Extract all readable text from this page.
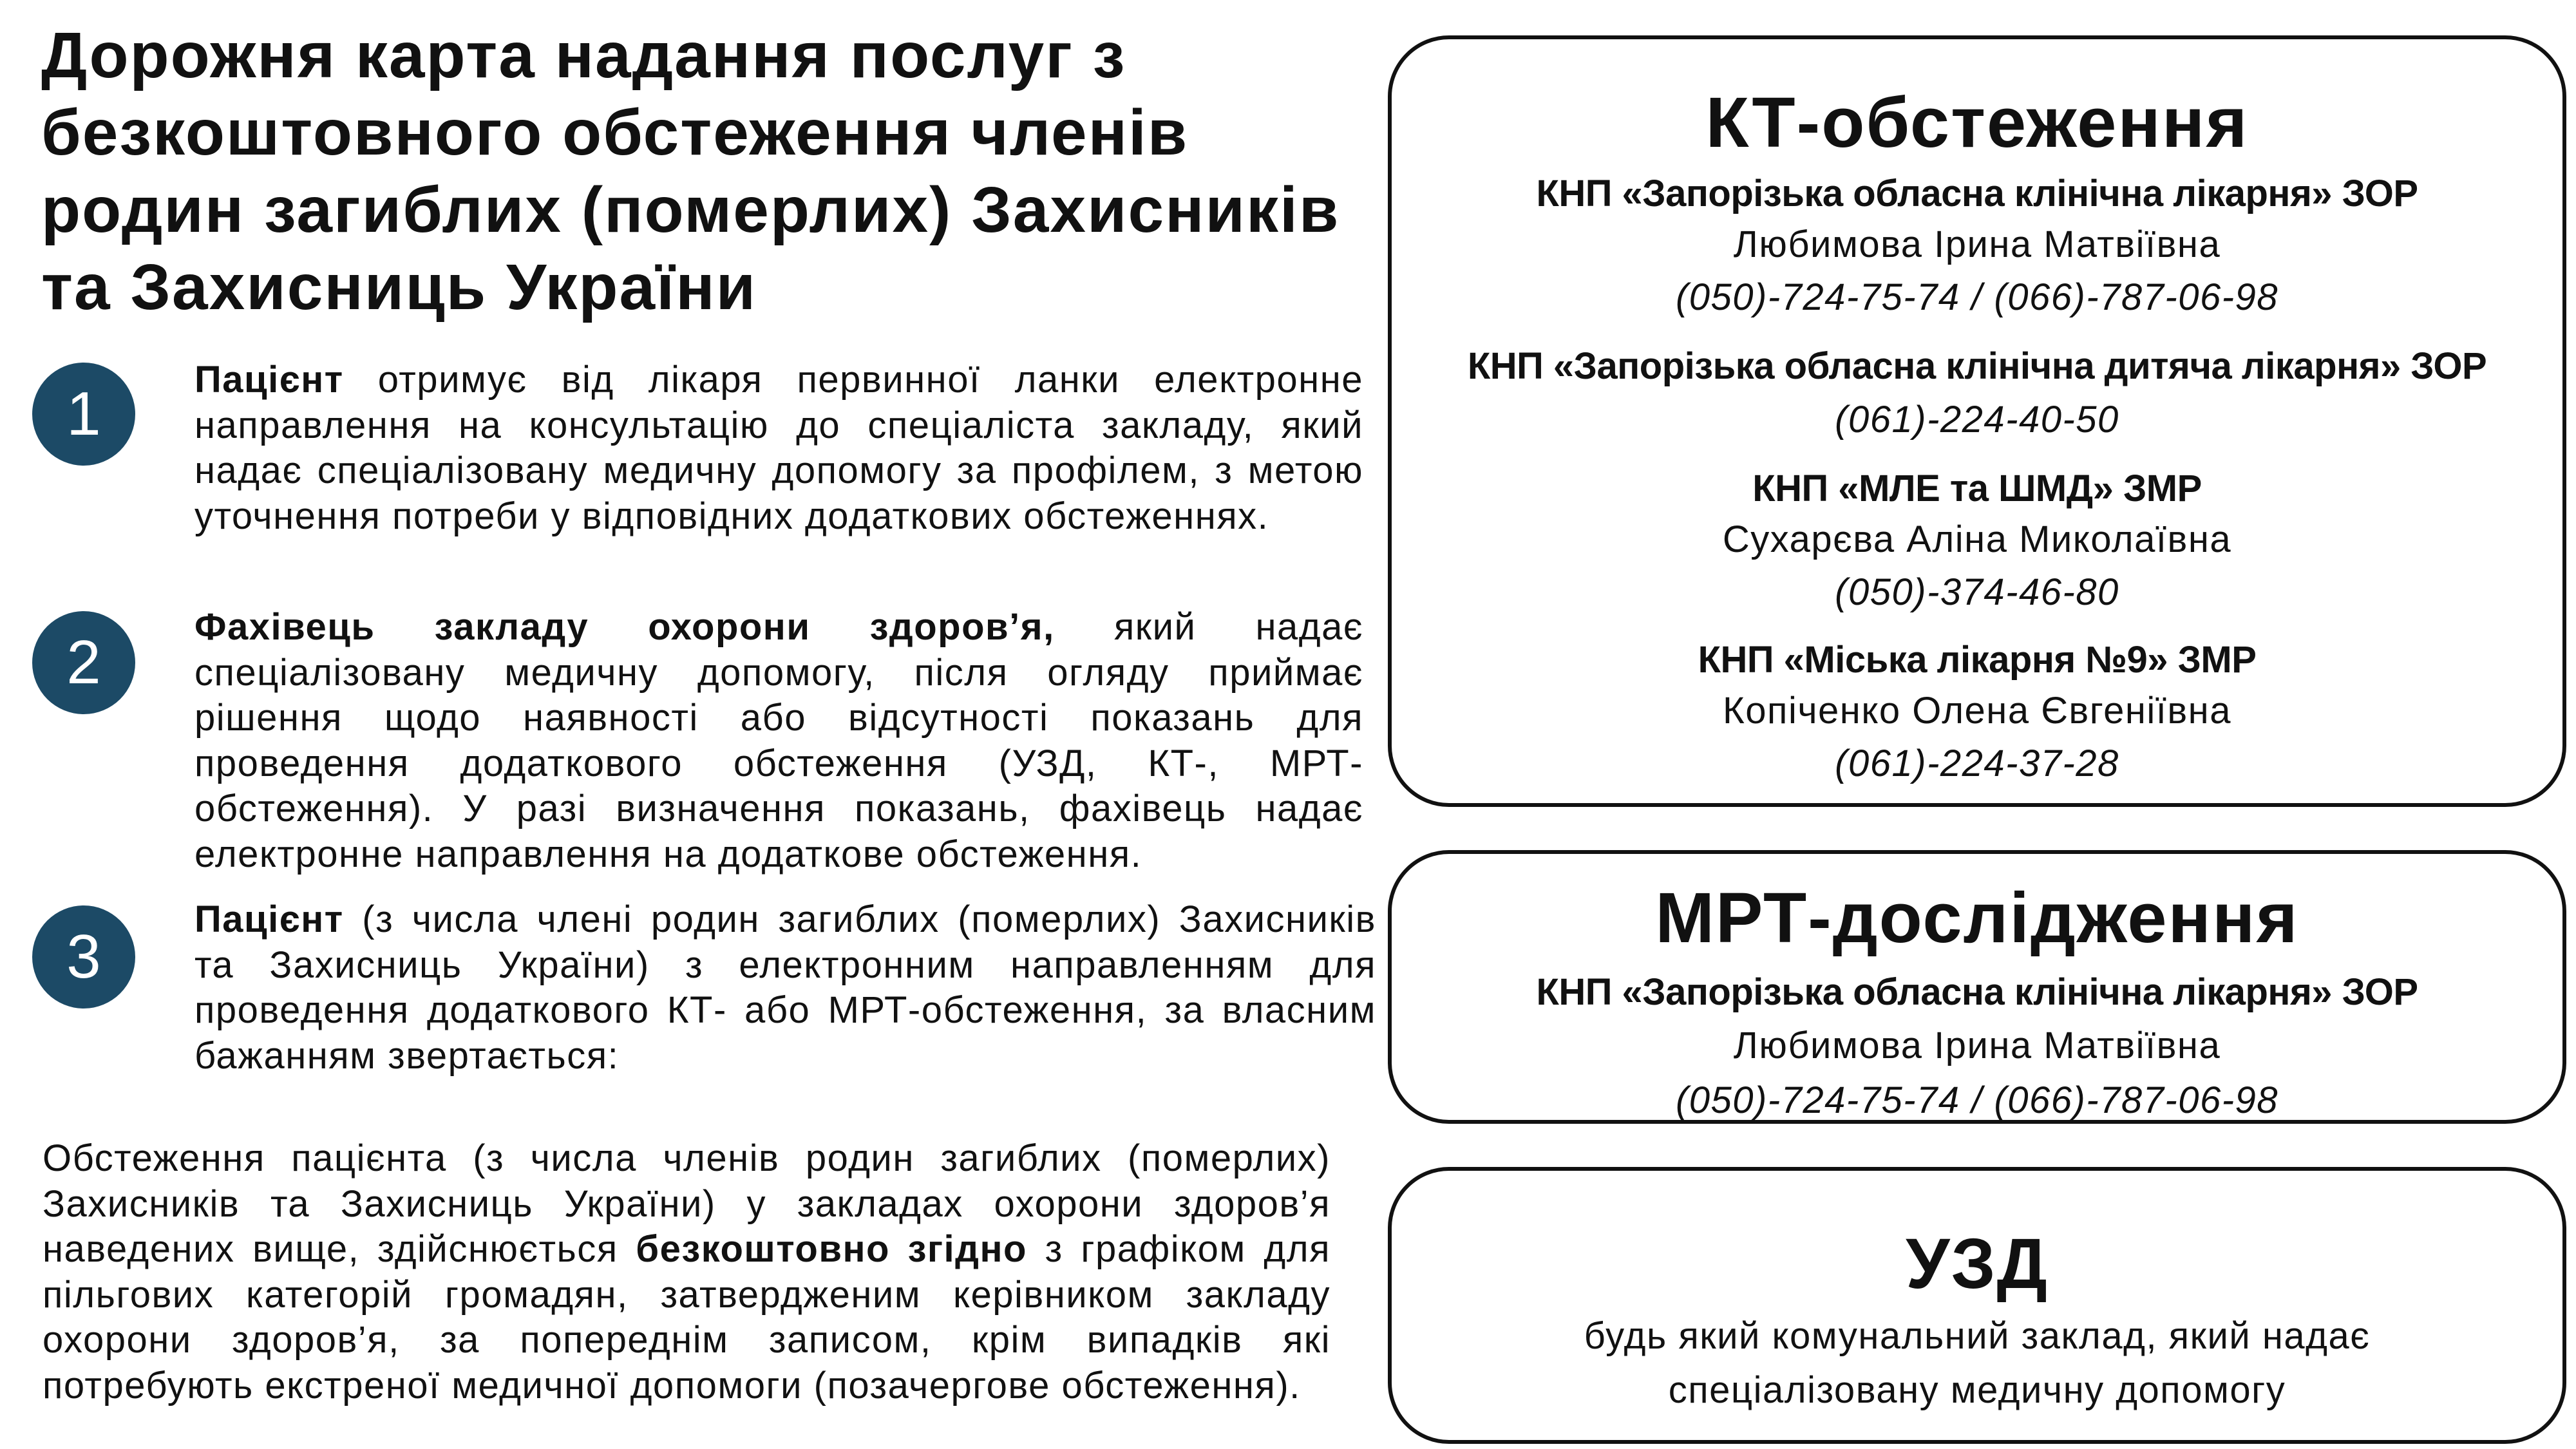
Дорожня карта надання послуг з безкоштовного обстеження членів родин загиблих (померлих) Захисників та Захисниць України
1	Пацієнт отримує від лікаря первинної ланки електронне направлення на консультацію до спеціаліста закладу, який надає спеціалізовану медичну допомогу за профілем, з метою уточнення потреби у відповідних додаткових обстеженнях.

2

Фахівець закладу охорони здоров’я, який надає спеціалізовану медичну допомогу, після огляду приймає рішення щодо наявності або відсутності показань для проведення додаткового обстеження (УЗД, КТ-, МРТ-обстеження). У разі визначення показань, фахівець надає електронне направлення на додаткове обстеження.

3

Пацієнт (з числа члені родин загиблих (померлих) Захисників та Захисниць України) з електронним направленням для проведення додаткового КТ- або МРТ-обстеження, за власним бажанням звертається:

Обстеження пацієнта (з числа членів родин загиблих (померлих) Захисників та Захисниць України) у закладах охорони здоров’я наведених вище, здійснюється безкоштовно згідно з графіком для пільгових категорій громадян, затвердженим керівником закладу охорони здоров’я, за попереднім записом, крім випадків які потребують екстреної медичної допомоги (позачергове обстеження).

КТ-обстеження

КНП «Запорізька обласна клінічна лікарня» ЗОР

Любимова Ірина Матвіївна

(050)-724-75-74 / (066)-787-06-98

КНП «Запорізька обласна клінічна дитяча лікарня» ЗОР

(061)-224-40-50

КНП «МЛЕ та ШМД» ЗМР

Сухарєва Аліна Миколаївна

(050)-374-46-80

КНП «Міська лікарня №9» ЗМР

Копіченко Олена Євгеніївна

(061)-224-37-28

МРТ-дослідження

КНП «Запорізька обласна клінічна лікарня» ЗОР

Любимова Ірина Матвіївна

(050)-724-75-74 / (066)-787-06-98

УЗД

будь який комунальний заклад, який надає

спеціалізовану медичну допомогу
